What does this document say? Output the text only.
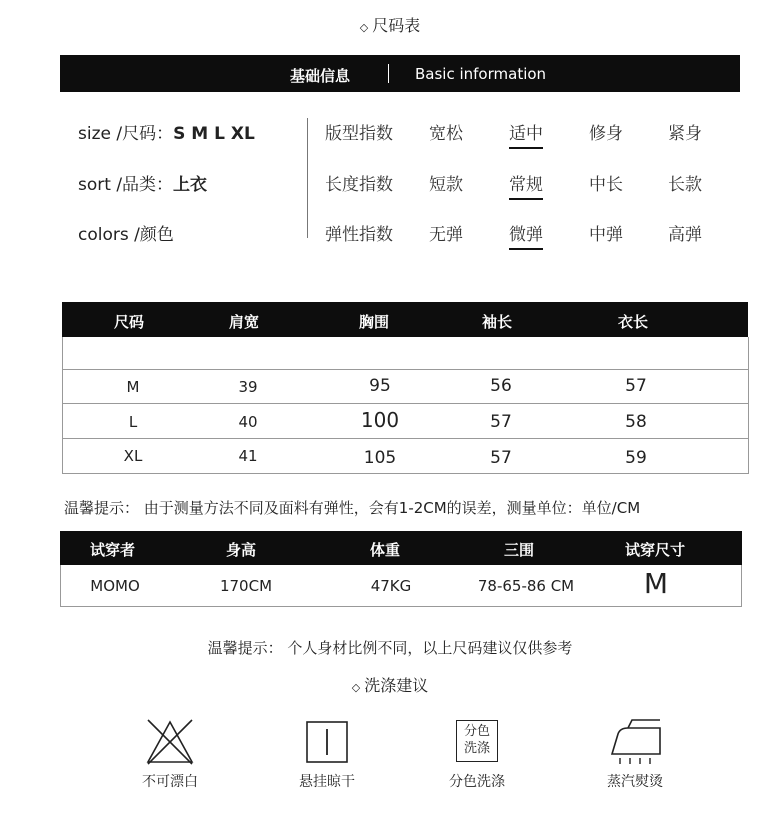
◇ 尺码表
基础信息	Basic information
size /尺码：S M L XL
sort /品类：上衣
colors /颜色
版型指数 宽松	适中	修身	紧身
长度指数 短款	常规	中长	长款
弹性指数 无弹	微弹	中弹	高弹
尺码	肩宽	胸围	袖长	衣长
M	39	95	56	57
L	40	100	57	58
XL	41	105	57	59
温馨提示： 由于测量方法不同及面料有弹性，会有1-2CM的误差，测量单位：单位/CM
试穿者	身高	体重	三围	试穿尺寸
MOMO	170CM	47KG	78-65-86 CM	M
温馨提示： 个人身材比例不同，以上尺码建议仅供参考
◇ 洗涤建议
不可漂白	悬挂晾干
分色
洗涤
分色洗涤	蒸汽熨烫
